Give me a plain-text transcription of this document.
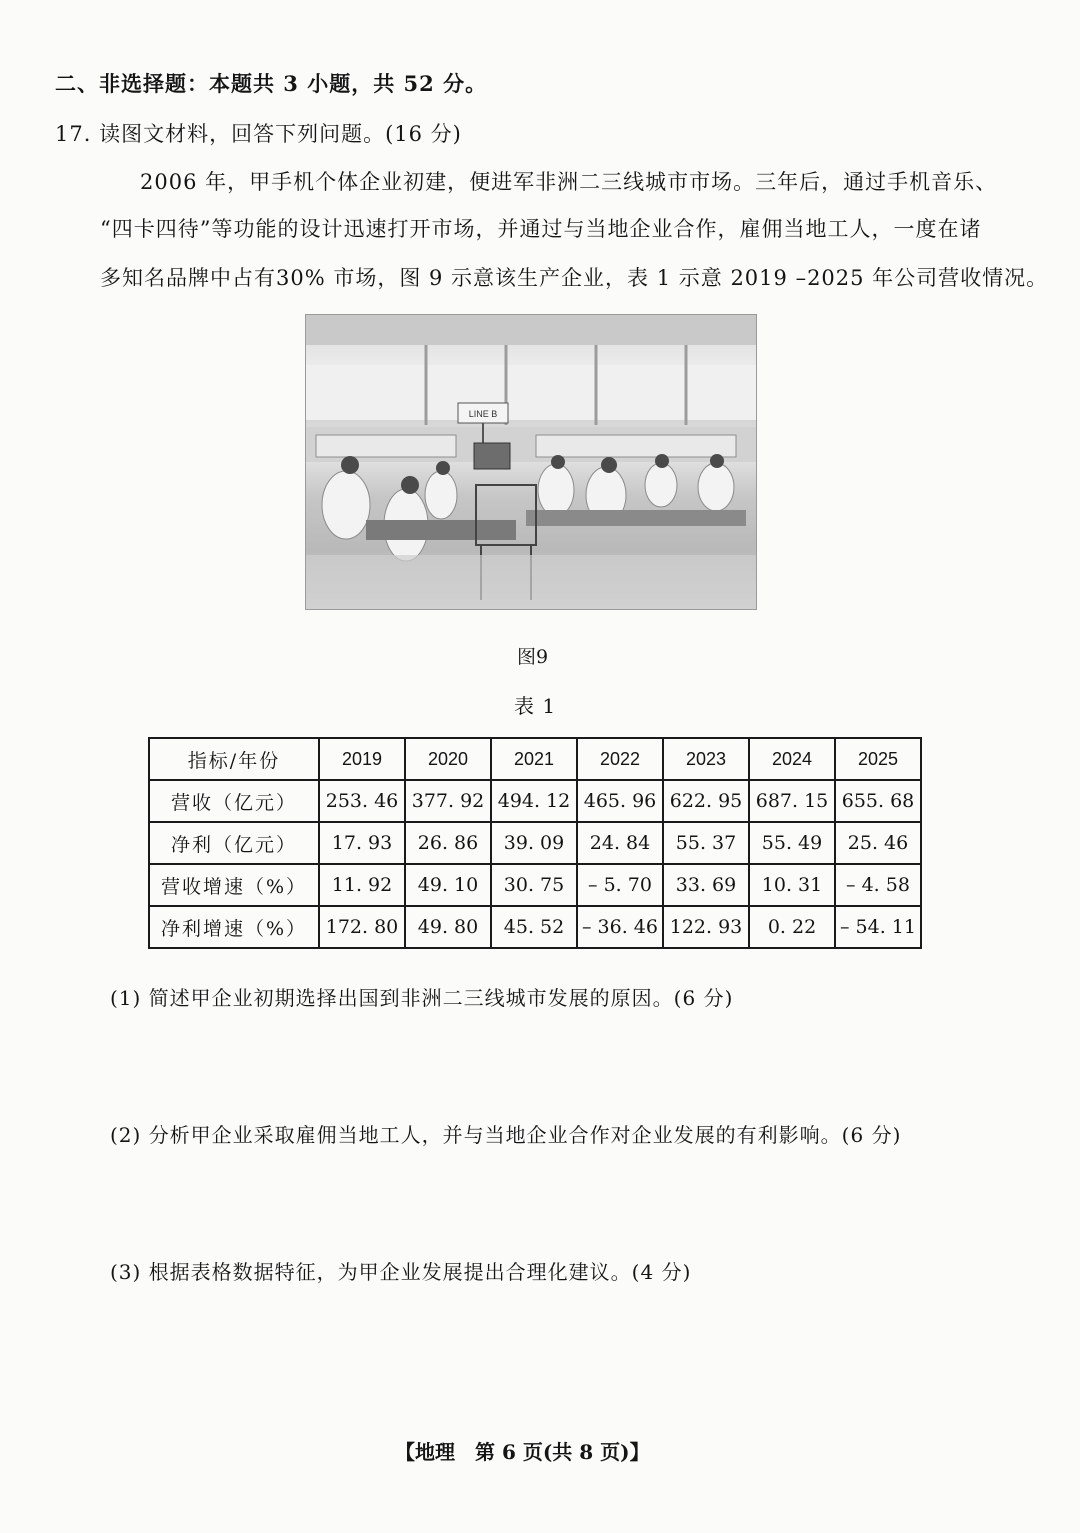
二、非选择题：本题共 3 小题，共 52 分。
17. 读图文材料，回答下列问题。(16 分)
2006 年，甲手机个体企业初建，便进军非洲二三线城市市场。三年后，通过手机音乐、
“四卡四待”等功能的设计迅速打开市场，并通过与当地企业合作，雇佣当地工人，一度在诸
多知名品牌中占有30% 市场，图 9 示意该生产企业，表 1 示意 2019 –2025 年公司营收情况。
LINE B
图9
表 1
指标/年份	2019	2020	2021	2022	2023	2024	2025
营收（亿元）	253. 46	377. 92	494. 12	465. 96	622. 95	687. 15	655. 68
净利（亿元）	17. 93	26. 86	39. 09	24. 84	55. 37	55. 49	25. 46
营收增速（%）	11. 92	49. 10	30. 75	– 5. 70	33. 69	10. 31	– 4. 58
净利增速（%）	172. 80	49. 80	45. 52	– 36. 46	122. 93	0. 22	– 54. 11
(1) 简述甲企业初期选择出国到非洲二三线城市发展的原因。(6 分)
(2) 分析甲企业采取雇佣当地工人，并与当地企业合作对企业发展的有利影响。(6 分)
(3) 根据表格数据特征，为甲企业发展提出合理化建议。(4 分)
【地理　第 6 页(共 8 页)】
